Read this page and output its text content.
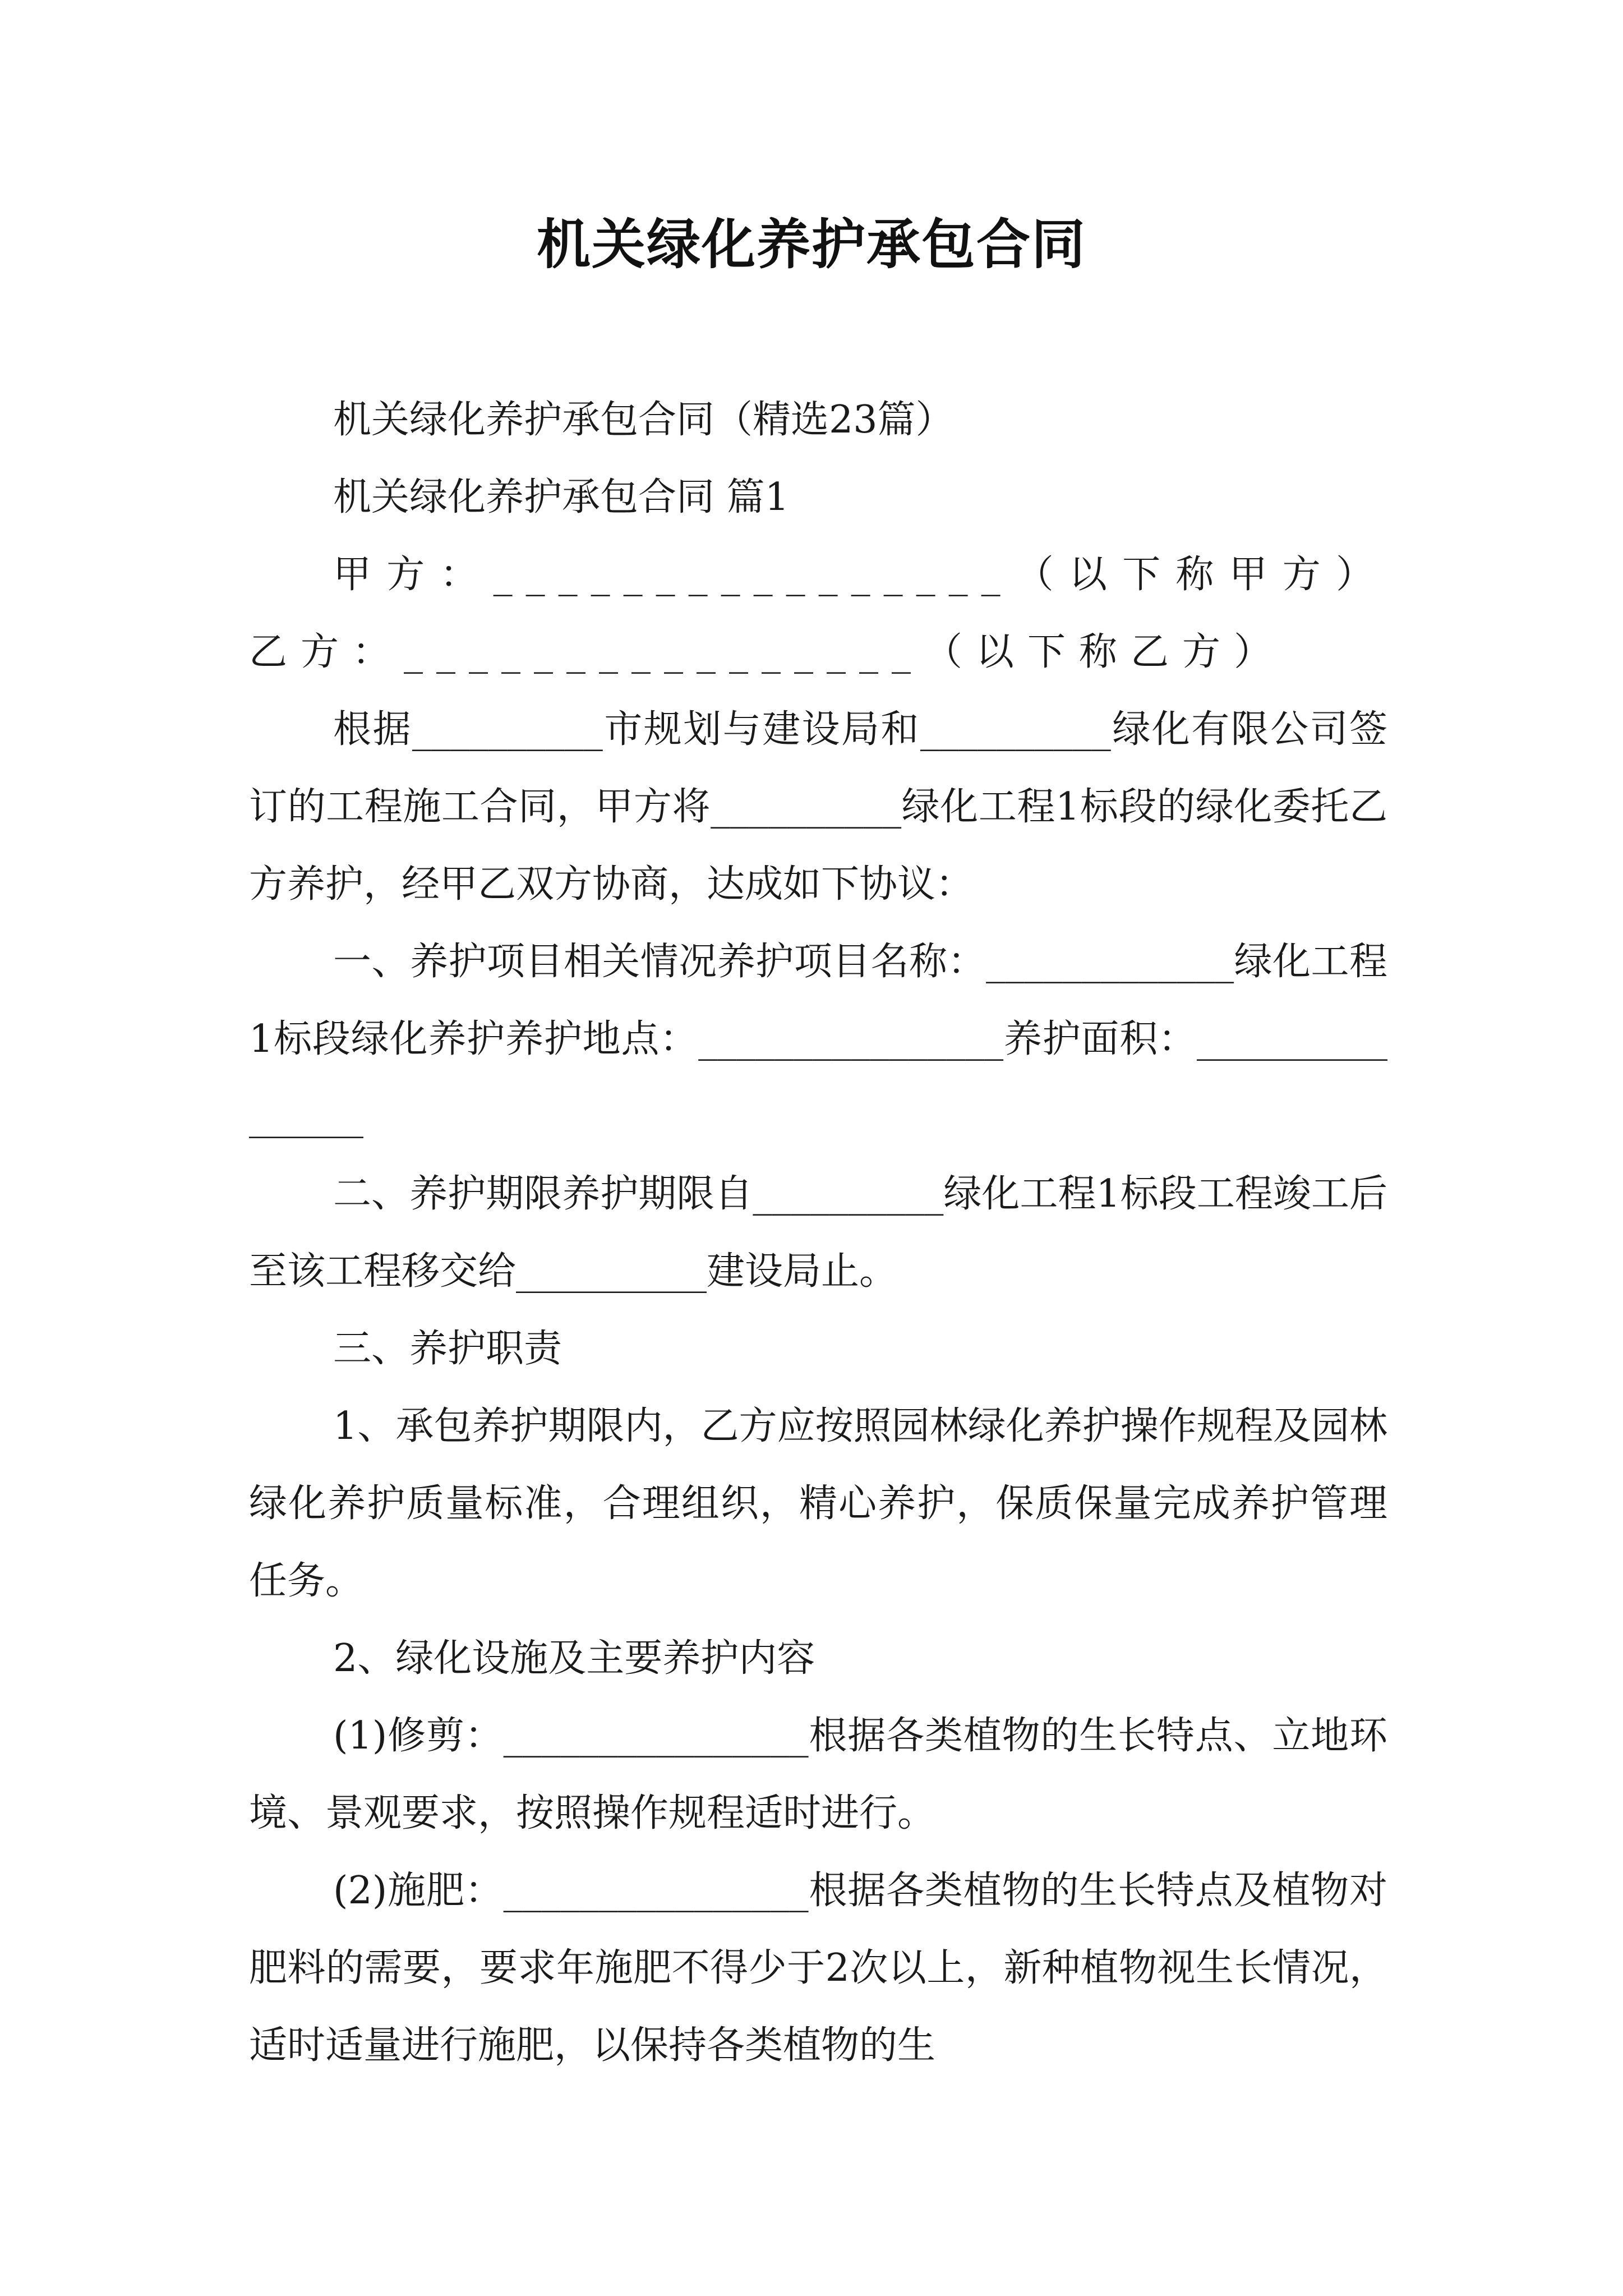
机关绿化养护承包合同

机关绿化养护承包合同（精选23篇）

机关绿化养护承包合同 篇1

甲方：________________（以下称甲方）乙方：________________（以下称乙方）

根据__________市规划与建设局和__________绿化有限公司签订的工程施工合同，甲方将__________绿化工程1标段的绿化委托乙方养护，经甲乙双方协商，达成如下协议：

一、养护项目相关情况养护项目名称：_____________绿化工程1标段绿化养护养护地点：________________养护面积：________________

二、养护期限养护期限自__________绿化工程1标段工程竣工后至该工程移交给__________建设局止。

三、养护职责

1、承包养护期限内，乙方应按照园林绿化养护操作规程及园林绿化养护质量标准，合理组织，精心养护，保质保量完成养护管理任务。

2、绿化设施及主要养护内容

(1)修剪：________________根据各类植物的生长特点、立地环境、景观要求，按照操作规程适时进行。

(2)施肥：________________根据各类植物的生长特点及植物对肥料的需要，要求年施肥不得少于2次以上，新种植物视生长情况，适时适量进行施肥，以保持各类植物的生
